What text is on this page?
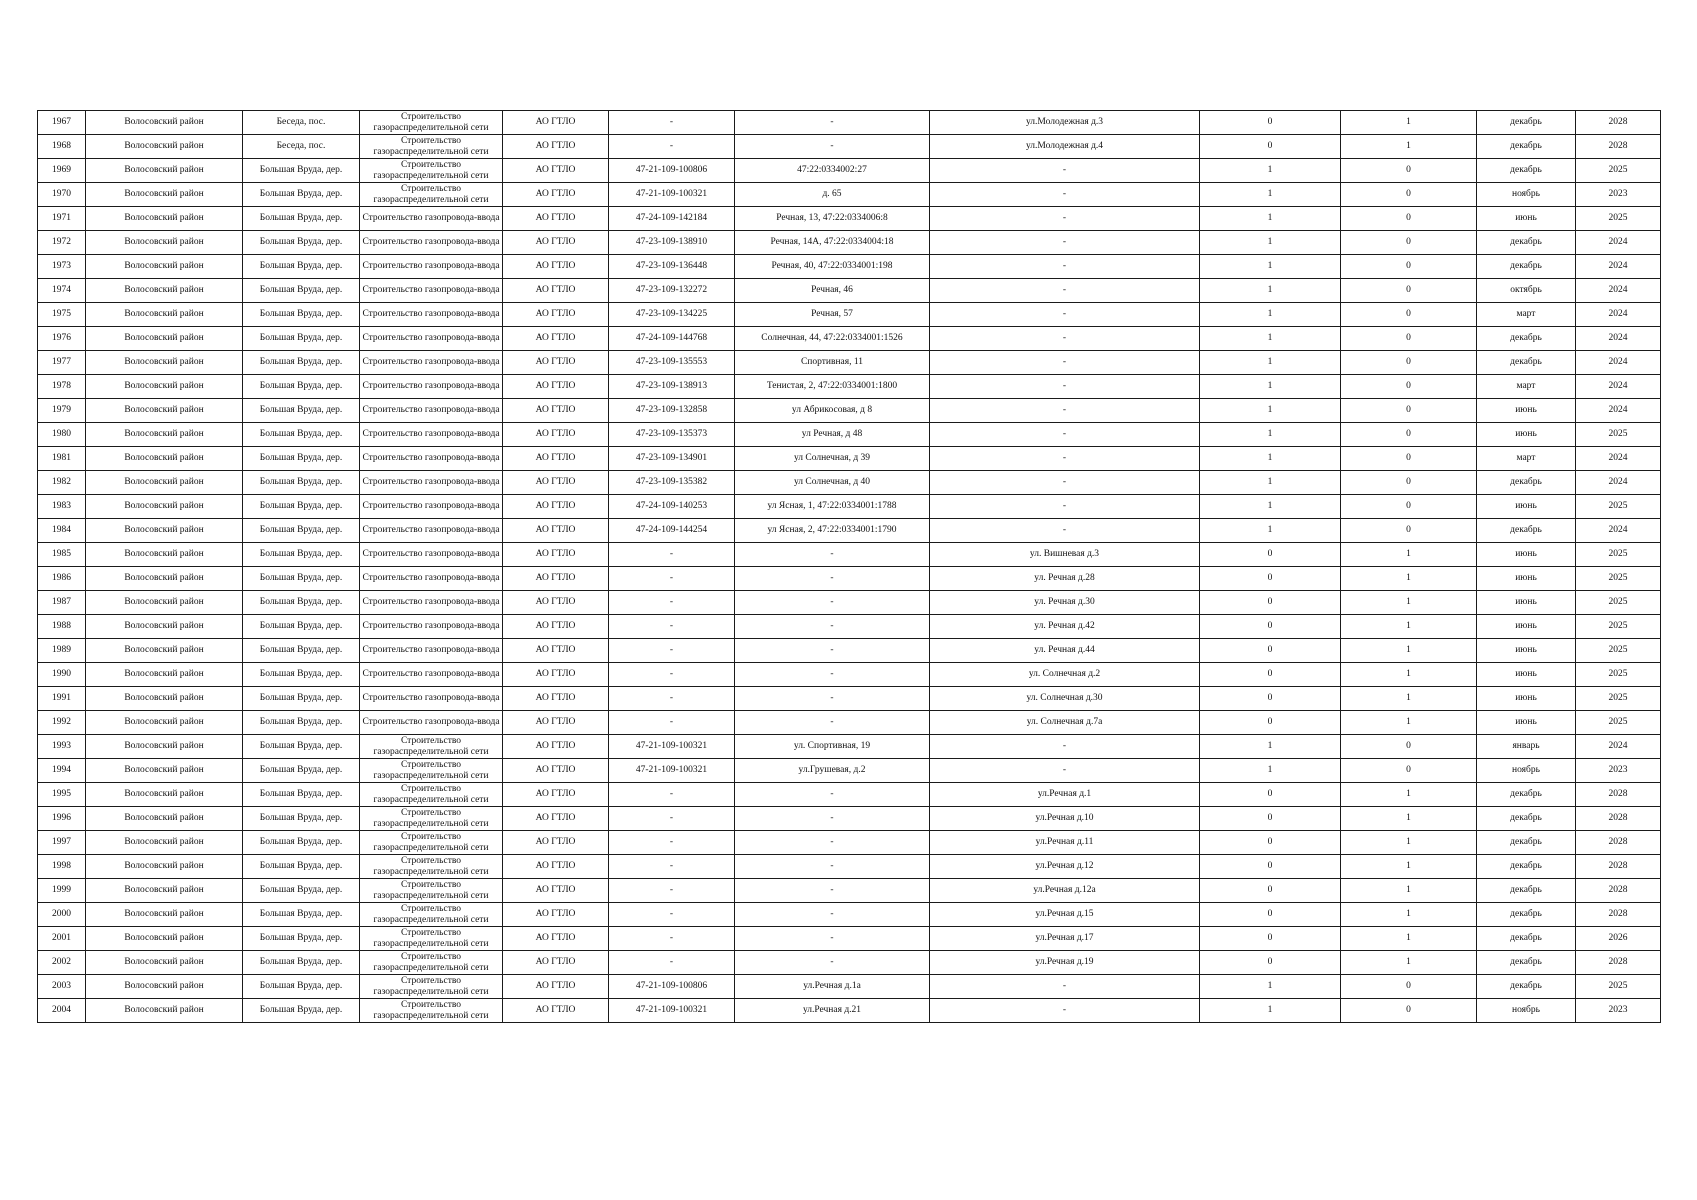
1967	Волосовский район	Беседа, пос.	Строительство газораспределительной сети	АО ГТЛО	-	-	ул.Молодежная д.3	0	1	декабрь	2028
1968	Волосовский район	Беседа, пос.	Строительство газораспределительной сети	АО ГТЛО	-	-	ул.Молодежная д.4	0	1	декабрь	2028
1969	Волосовский район	Большая Вруда, дер.	Строительство газораспределительной сети	АО ГТЛО	47-21-109-100806	47:22:0334002:27	-	1	0	декабрь	2025
1970	Волосовский район	Большая Вруда, дер.	Строительство газораспределительной сети	АО ГТЛО	47-21-109-100321	д. 65	-	1	0	ноябрь	2023
1971	Волосовский район	Большая Вруда, дер.	Строительство газопровода-ввода	АО ГТЛО	47-24-109-142184	Речная, 13, 47:22:0334006:8	-	1	0	июнь	2025
1972	Волосовский район	Большая Вруда, дер.	Строительство газопровода-ввода	АО ГТЛО	47-23-109-138910	Речная, 14А, 47:22:0334004:18	-	1	0	декабрь	2024
1973	Волосовский район	Большая Вруда, дер.	Строительство газопровода-ввода	АО ГТЛО	47-23-109-136448	Речная, 40, 47:22:0334001:198	-	1	0	декабрь	2024
1974	Волосовский район	Большая Вруда, дер.	Строительство газопровода-ввода	АО ГТЛО	47-23-109-132272	Речная, 46	-	1	0	октябрь	2024
1975	Волосовский район	Большая Вруда, дер.	Строительство газопровода-ввода	АО ГТЛО	47-23-109-134225	Речная, 57	-	1	0	март	2024
1976	Волосовский район	Большая Вруда, дер.	Строительство газопровода-ввода	АО ГТЛО	47-24-109-144768	Солнечная, 44, 47:22:0334001:1526	-	1	0	декабрь	2024
1977	Волосовский район	Большая Вруда, дер.	Строительство газопровода-ввода	АО ГТЛО	47-23-109-135553	Спортивная, 11	-	1	0	декабрь	2024
1978	Волосовский район	Большая Вруда, дер.	Строительство газопровода-ввода	АО ГТЛО	47-23-109-138913	Тенистая, 2, 47:22:0334001:1800	-	1	0	март	2024
1979	Волосовский район	Большая Вруда, дер.	Строительство газопровода-ввода	АО ГТЛО	47-23-109-132858	ул Абрикосовая, д 8	-	1	0	июнь	2024
1980	Волосовский район	Большая Вруда, дер.	Строительство газопровода-ввода	АО ГТЛО	47-23-109-135373	ул Речная, д 48	-	1	0	июнь	2025
1981	Волосовский район	Большая Вруда, дер.	Строительство газопровода-ввода	АО ГТЛО	47-23-109-134901	ул Солнечная, д 39	-	1	0	март	2024
1982	Волосовский район	Большая Вруда, дер.	Строительство газопровода-ввода	АО ГТЛО	47-23-109-135382	ул Солнечная, д 40	-	1	0	декабрь	2024
1983	Волосовский район	Большая Вруда, дер.	Строительство газопровода-ввода	АО ГТЛО	47-24-109-140253	ул Ясная, 1, 47:22:0334001:1788	-	1	0	июнь	2025
1984	Волосовский район	Большая Вруда, дер.	Строительство газопровода-ввода	АО ГТЛО	47-24-109-144254	ул Ясная, 2, 47:22:0334001:1790	-	1	0	декабрь	2024
1985	Волосовский район	Большая Вруда, дер.	Строительство газопровода-ввода	АО ГТЛО	-	-	ул. Вишневая д.3	0	1	июнь	2025
1986	Волосовский район	Большая Вруда, дер.	Строительство газопровода-ввода	АО ГТЛО	-	-	ул. Речная д.28	0	1	июнь	2025
1987	Волосовский район	Большая Вруда, дер.	Строительство газопровода-ввода	АО ГТЛО	-	-	ул. Речная д.30	0	1	июнь	2025
1988	Волосовский район	Большая Вруда, дер.	Строительство газопровода-ввода	АО ГТЛО	-	-	ул. Речная д.42	0	1	июнь	2025
1989	Волосовский район	Большая Вруда, дер.	Строительство газопровода-ввода	АО ГТЛО	-	-	ул. Речная д.44	0	1	июнь	2025
1990	Волосовский район	Большая Вруда, дер.	Строительство газопровода-ввода	АО ГТЛО	-	-	ул. Солнечная д.2	0	1	июнь	2025
1991	Волосовский район	Большая Вруда, дер.	Строительство газопровода-ввода	АО ГТЛО	-	-	ул. Солнечная д.30	0	1	июнь	2025
1992	Волосовский район	Большая Вруда, дер.	Строительство газопровода-ввода	АО ГТЛО	-	-	ул. Солнечная д.7а	0	1	июнь	2025
1993	Волосовский район	Большая Вруда, дер.	Строительство газораспределительной сети	АО ГТЛО	47-21-109-100321	ул. Спортивная, 19	-	1	0	январь	2024
1994	Волосовский район	Большая Вруда, дер.	Строительство газораспределительной сети	АО ГТЛО	47-21-109-100321	ул.Грушевая, д.2	-	1	0	ноябрь	2023
1995	Волосовский район	Большая Вруда, дер.	Строительство газораспределительной сети	АО ГТЛО	-	-	ул.Речная д.1	0	1	декабрь	2028
1996	Волосовский район	Большая Вруда, дер.	Строительство газораспределительной сети	АО ГТЛО	-	-	ул.Речная д.10	0	1	декабрь	2028
1997	Волосовский район	Большая Вруда, дер.	Строительство газораспределительной сети	АО ГТЛО	-	-	ул.Речная д.11	0	1	декабрь	2028
1998	Волосовский район	Большая Вруда, дер.	Строительство газораспределительной сети	АО ГТЛО	-	-	ул.Речная д.12	0	1	декабрь	2028
1999	Волосовский район	Большая Вруда, дер.	Строительство газораспределительной сети	АО ГТЛО	-	-	ул.Речная д.12а	0	1	декабрь	2028
2000	Волосовский район	Большая Вруда, дер.	Строительство газораспределительной сети	АО ГТЛО	-	-	ул.Речная д.15	0	1	декабрь	2028
2001	Волосовский район	Большая Вруда, дер.	Строительство газораспределительной сети	АО ГТЛО	-	-	ул.Речная д.17	0	1	декабрь	2026
2002	Волосовский район	Большая Вруда, дер.	Строительство газораспределительной сети	АО ГТЛО	-	-	ул.Речная д.19	0	1	декабрь	2028
2003	Волосовский район	Большая Вруда, дер.	Строительство газораспределительной сети	АО ГТЛО	47-21-109-100806	ул.Речная д.1а	-	1	0	декабрь	2025
2004	Волосовский район	Большая Вруда, дер.	Строительство газораспределительной сети	АО ГТЛО	47-21-109-100321	ул.Речная д.21	-	1	0	ноябрь	2023
